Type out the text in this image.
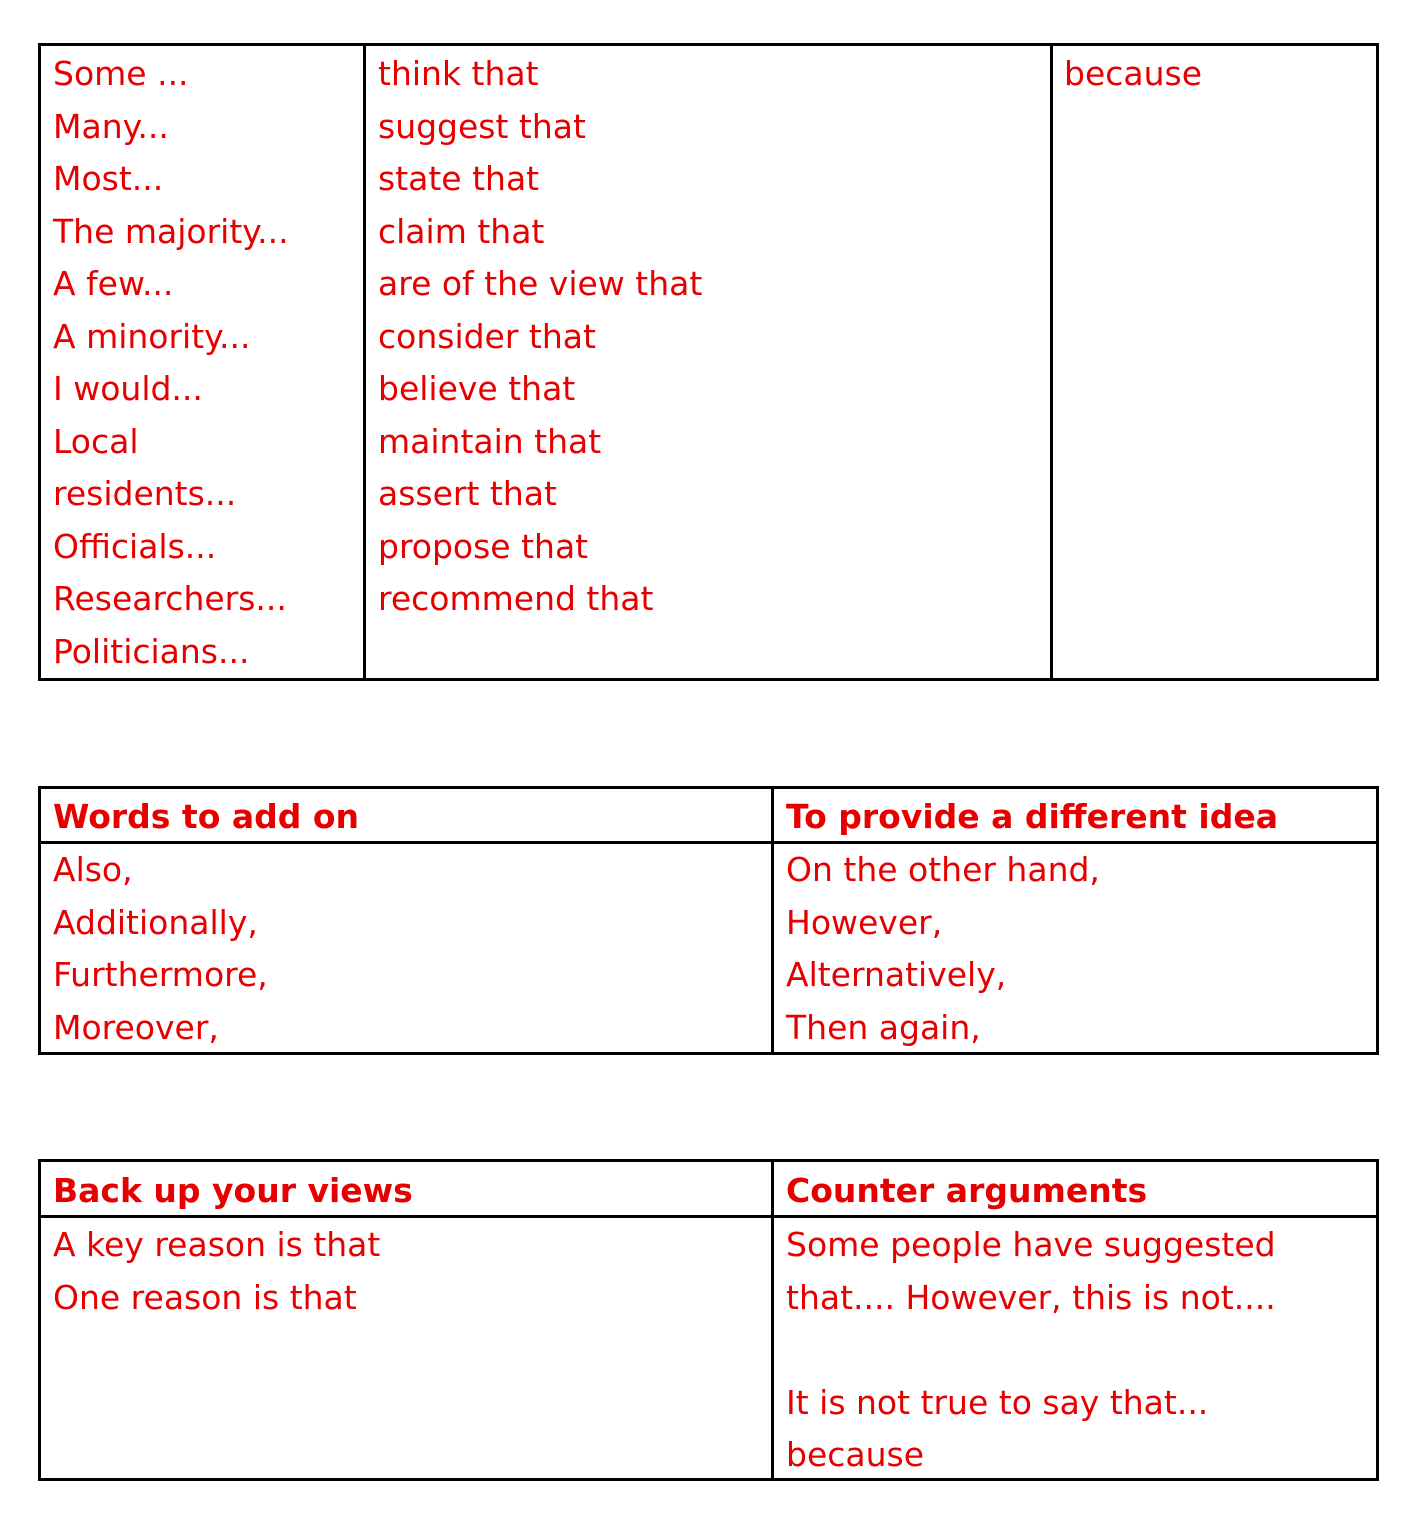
Some ...
Many...
Most...
The majority...
A few...
A minority...
I would...
Local
residents...
Officials...
Researchers...
Politicians...
think that
suggest that
state that
claim that
are of the view that
consider that
believe that
maintain that
assert that
propose that
recommend that
because
Words to add on	To provide a different idea
Also,
Additionally,
Furthermore,
Moreover,
On the other hand,
However,
Alternatively,
Then again,
Back up your views	Counter arguments
A key reason is that
One reason is that
Some people have suggested
that.... However, this is not....
It is not true to say that...
because
